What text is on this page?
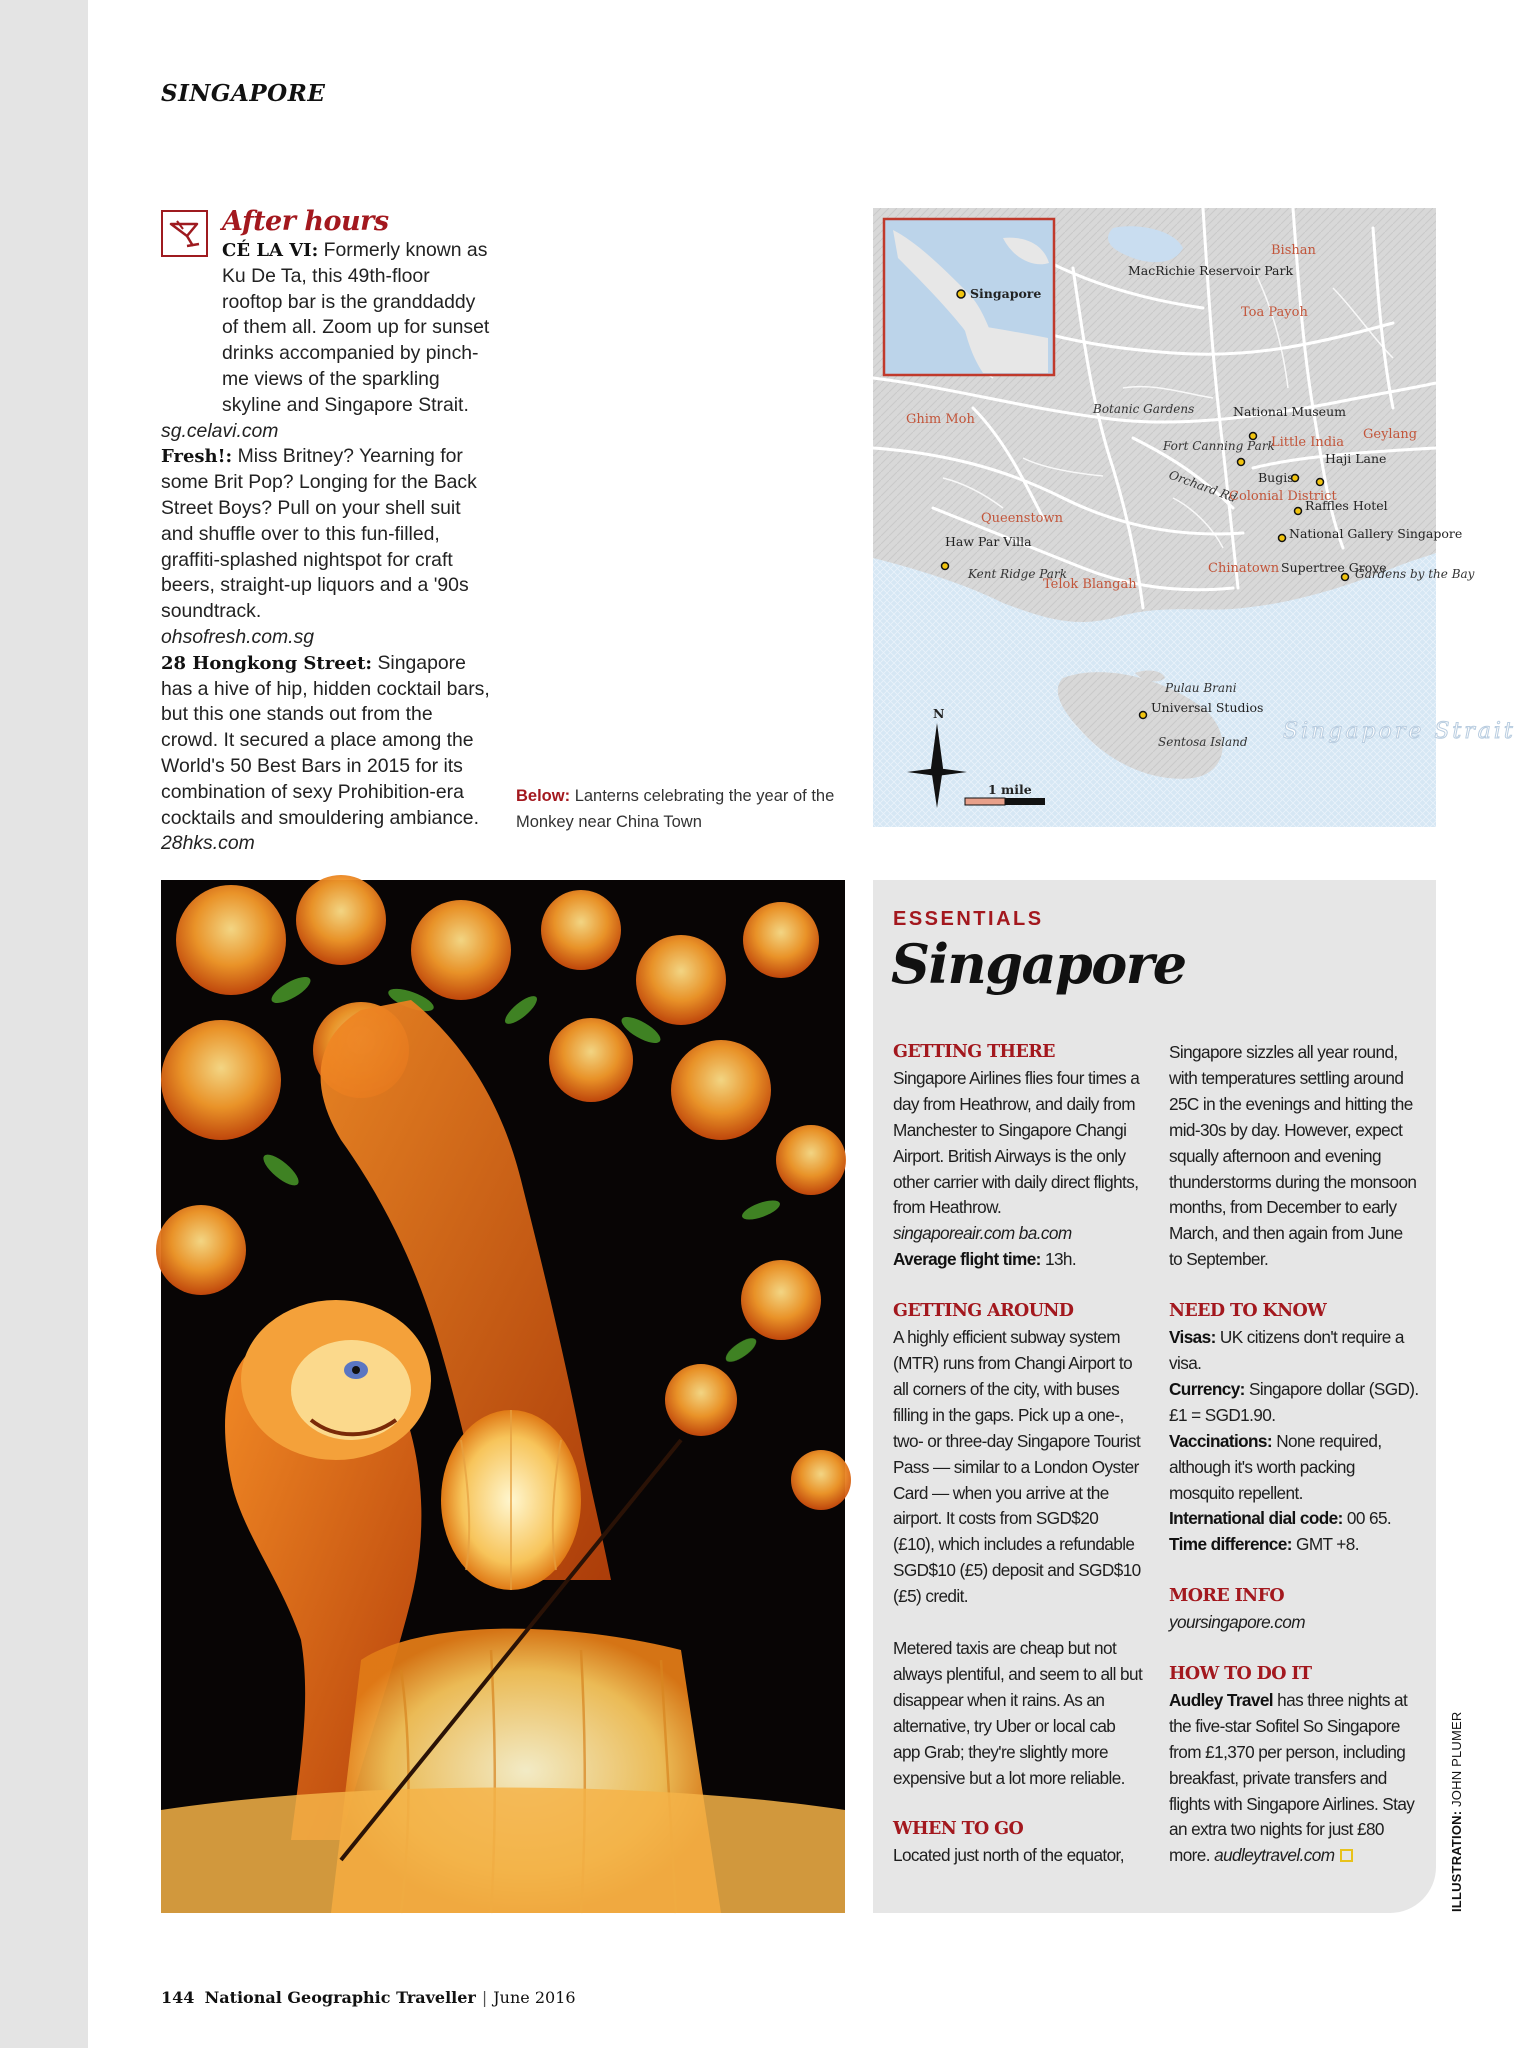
SINGAPORE
After hours

CÉ LA VI: Formerly known as Ku De Ta, this 49th-floor rooftop bar is the granddaddy of them all. Zoom up for sunset drinks accompanied by pinch-me views of the sparkling skyline and Singapore Strait.

sg.celavi.com

Fresh!: Miss Britney? Yearning for some Brit Pop? Longing for the Back Street Boys? Pull on your shell suit and shuffle over to this fun-filled, graffiti-splashed nightspot for craft beers, straight-up liquors and a '90s soundtrack.

ohsofresh.com.sg

28 Hongkong Street: Singapore has a hive of hip, hidden cocktail bars, but this one stands out from the crowd. It secured a place among the World's 50 Best Bars in 2015 for its combination of sexy Prohibition-era cocktails and smouldering ambiance. 28hks.com

Below: Lanterns celebrating the year of the Monkey near China Town
Singapore
MacRichie Reservoir Park
Bishan
Toa Payoh
Botanic Gardens
Ghim Moh
National Museum
Geylang
Fort Canning Park
Little India
Haji Lane
Orchard Rd Bugis
Colonial District
Raffles Hotel
Queenstown
National Gallery Singapore
Haw Par Villa
Chinatown Supertree Grove
Gardens by the Bay
Kent Ridge Park
Telok Blangah
Pulau Brani
Universal Studios
Sentosa Island Singapore Strait
N
1 mile
ESSENTIALS
Singapore
GETTING THERE

Singapore Airlines flies four times a day from Heathrow, and daily from Manchester to Singapore Changi Airport. British Airways is the only other carrier with daily direct flights, from Heathrow.

singaporeair.com ba.com

Average flight time: 13h.

GETTING AROUND

A highly efficient subway system (MTR) runs from Changi Airport to all corners of the city, with buses filling in the gaps. Pick up a one-, two- or three-day Singapore Tourist Pass — similar to a London Oyster Card — when you arrive at the airport. It costs from SGD$20 (£10), which includes a refundable SGD$10 (£5) deposit and SGD$10 (£5) credit.

Metered taxis are cheap but not always plentiful, and seem to all but disappear when it rains. As an alternative, try Uber or local cab app Grab; they're slightly more expensive but a lot more reliable.

WHEN TO GO

Located just north of the equator,

Singapore sizzles all year round, with temperatures settling around 25C in the evenings and hitting the mid-30s by day. However, expect squally afternoon and evening thunderstorms during the monsoon months, from December to early March, and then again from June to September.

NEED TO KNOW

Visas: UK citizens don't require a visa.

Currency: Singapore dollar (SGD). £1 = SGD1.90.

Vaccinations: None required, although it's worth packing mosquito repellent.

International dial code: 00 65.

Time difference: GMT +8.

MORE INFO

yoursingapore.com

HOW TO DO IT

Audley Travel has three nights at the five-star Sofitel So Singapore from £1,370 per person, including breakfast, private transfers and flights with Singapore Airlines. Stay an extra two nights for just £80 more. audleytravel.com	ILLUSTRATION: JOHN PLUMER
144 National Geographic Traveller | June 2016
